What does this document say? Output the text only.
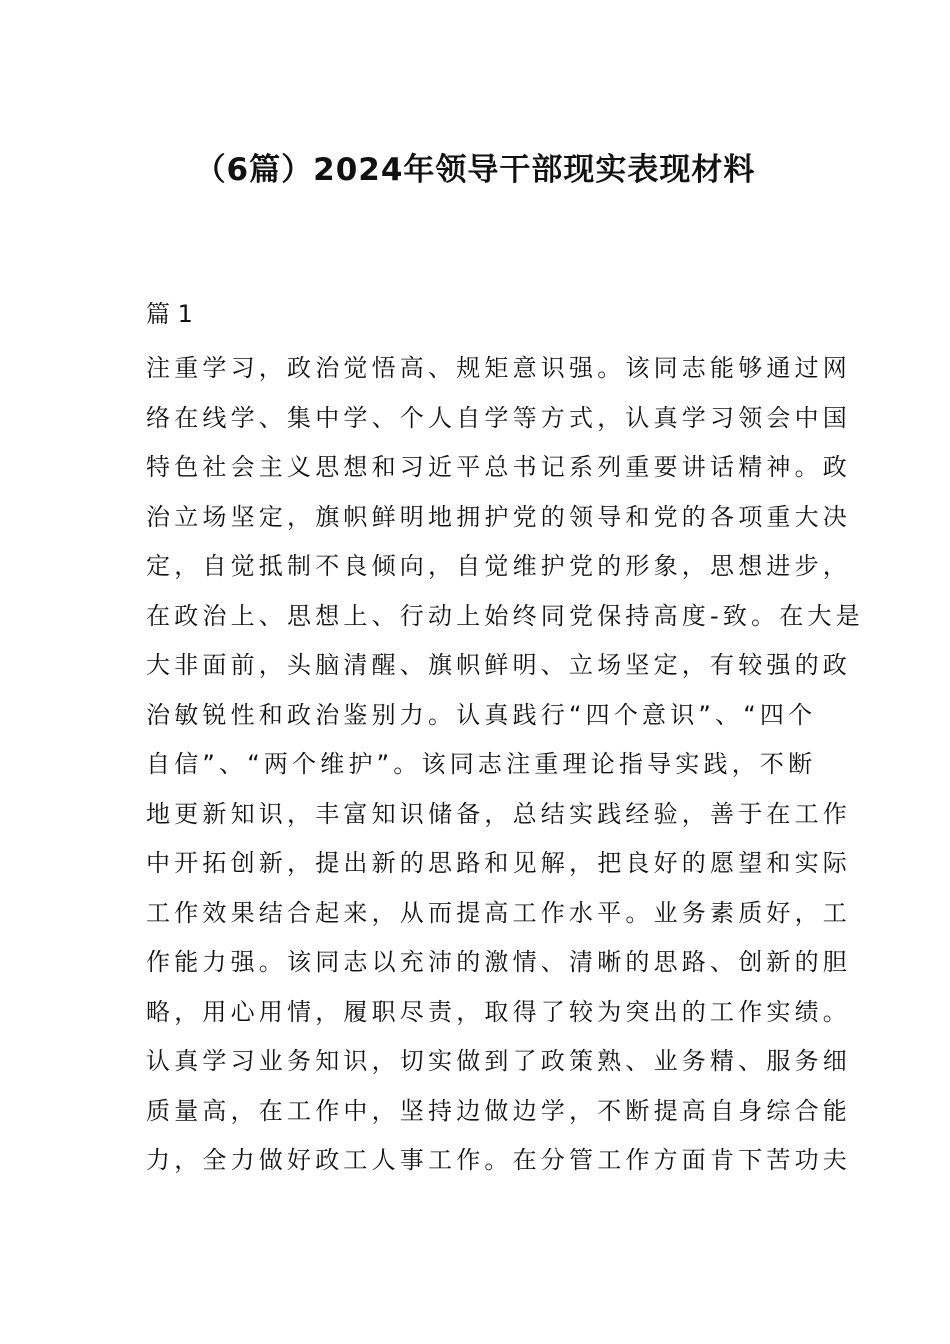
（6篇）2024年领导干部现实表现材料

篇 1

注重学习，政治觉悟高、规矩意识强。该同志能够通过网
络在线学、集中学、个人自学等方式，认真学习领会中国
特色社会主义思想和习近平总书记系列重要讲话精神。政
治立场坚定，旗帜鲜明地拥护党的领导和党的各项重大决
定，自觉抵制不良倾向，自觉维护党的形象，思想进步，
在政治上、思想上、行动上始终同党保持高度-致。在大是
大非面前，头脑清醒、旗帜鲜明、立场坚定，有较强的政
治敏锐性和政治鉴别力。认真践行“四个意识”、“四个
自信”、“两个维护”。该同志注重理论指导实践，不断
地更新知识，丰富知识储备，总结实践经验，善于在工作
中开拓创新，提出新的思路和见解，把良好的愿望和实际
工作效果结合起来，从而提高工作水平。业务素质好，工
作能力强。该同志以充沛的激情、清晰的思路、创新的胆
略，用心用情，履职尽责，取得了较为突出的工作实绩。
认真学习业务知识，切实做到了政策熟、业务精、服务细
质量高，在工作中，坚持边做边学，不断提高自身综合能
力，全力做好政工人事工作。在分管工作方面肯下苦功夫
